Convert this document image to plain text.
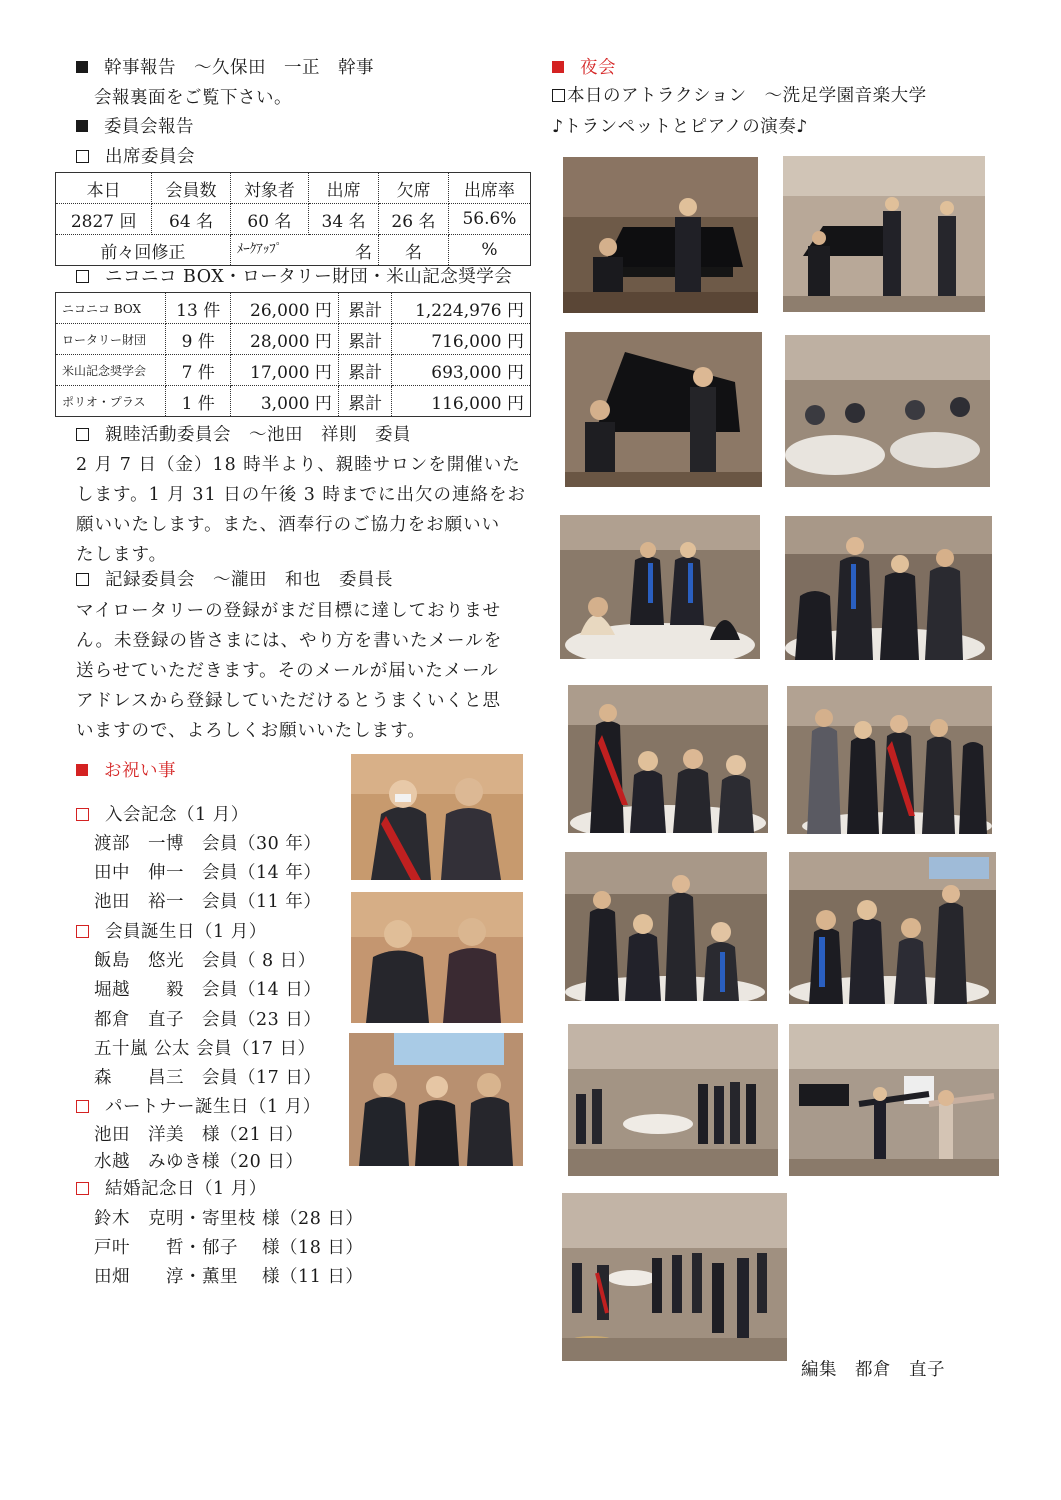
幹事報告　～久保田　一正　幹事
会報裏面をご覧下さい。
委員会報告
出席委員会
本日	会員数	対象者	出席	欠席	出席率
2827 回	64 名	60 名	34 名	26 名	56.6%
前々回修正		ﾒｰｸｱｯﾌﾟ 名		名	%
ニコニコ BOX・ロータリー財団・米山記念奨学会
ニコニコ BOX	13 件	26,000 円	累計	1,224,976 円
ロータリー財団	9 件	28,000 円	累計	716,000 円
米山記念奨学会	7 件	17,000 円	累計	693,000 円
ポリオ・プラス	1 件	3,000 円	累計	116,000 円
親睦活動委員会　～池田　祥則　委員
2 月 7 日（金）18 時半より、親睦サロンを開催いた
します。1 月 31 日の午後 3 時までに出欠の連絡をお
願いいたします。また、酒奉行のご協力をお願いい
たします。
記録委員会　～瀧田　和也　委員長
マイロータリーの登録がまだ目標に達しておりませ
ん。未登録の皆さまには、やり方を書いたメールを
送らせていただきます。そのメールが届いたメール
アドレスから登録していただけるとうまくいくと思
いますので、よろしくお願いいたします。
お祝い事
入会記念（1 月）
渡部　一博　会員（30 年）
田中　伸一　会員（14 年）
池田　裕一　会員（11 年）
会員誕生日（1 月）
飯島　悠光　会員（ 8 日）
堀越　　毅　会員（14 日）
都倉　直子　会員（23 日）
五十嵐 公太 会員（17 日）
森　　昌三　会員（17 日）
パートナー誕生日（1 月）
池田　洋美　様（21 日）
水越　みゆき様（20 日）
結婚記念日（1 月）
鈴木　克明・寄里枝 様（28 日）
戸叶　　哲・郁子　 様（18 日）
田畑　　淳・薫里　 様（11 日）
夜会
本日のアトラクション　～洗足学園音楽大学
♪トランペットとピアノの演奏♪
編集　都倉　直子
